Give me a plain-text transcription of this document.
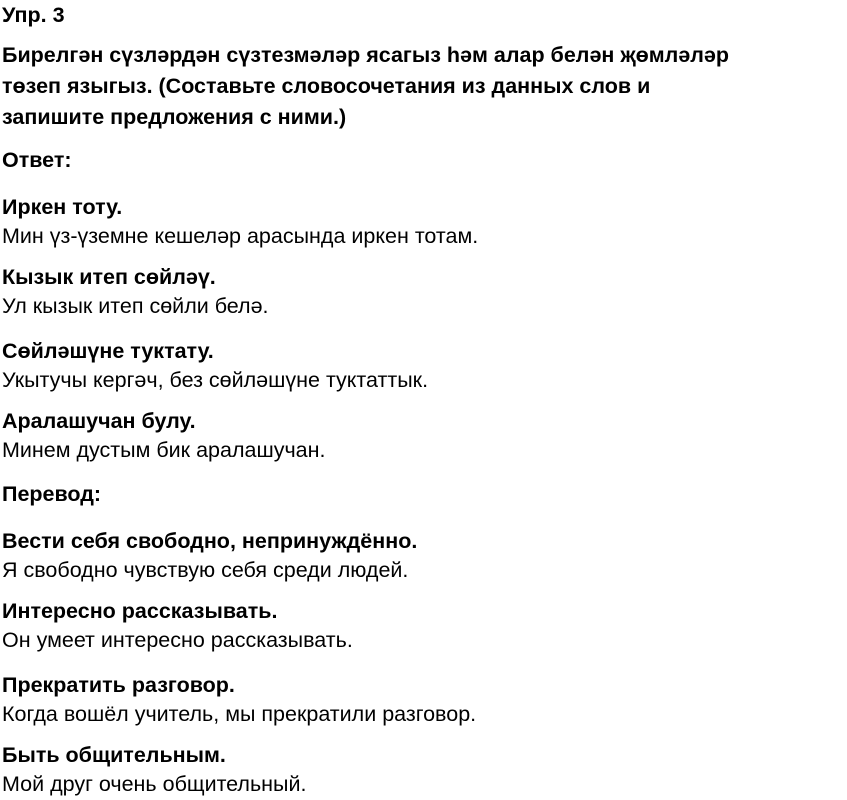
Упр. 3
Бирелгән сүзләрдән сүзтезмәләр ясагыз һәм алар белән җөмләләр
төзеп языгыз. (Составьте словосочетания из данных слов и
запишите предложения с ними.)
Ответ:
Иркен тоту.
Мин үз-үземне кешеләр арасында иркен тотам.
Кызык итеп сөйләү.
Ул кызык итеп сөйли белә.
Сөйләшүне туктату.
Укытучы кергәч, без сөйләшүне туктаттык.
Аралашучан булу.
Минем дустым бик аралашучан.
Перевод:
Вести себя свободно, непринуждённо.
Я свободно чувствую себя среди людей.
Интересно рассказывать.
Он умеет интересно рассказывать.
Прекратить разговор.
Когда вошёл учитель, мы прекратили разговор.
Быть общительным.
Мой друг очень общительный.
